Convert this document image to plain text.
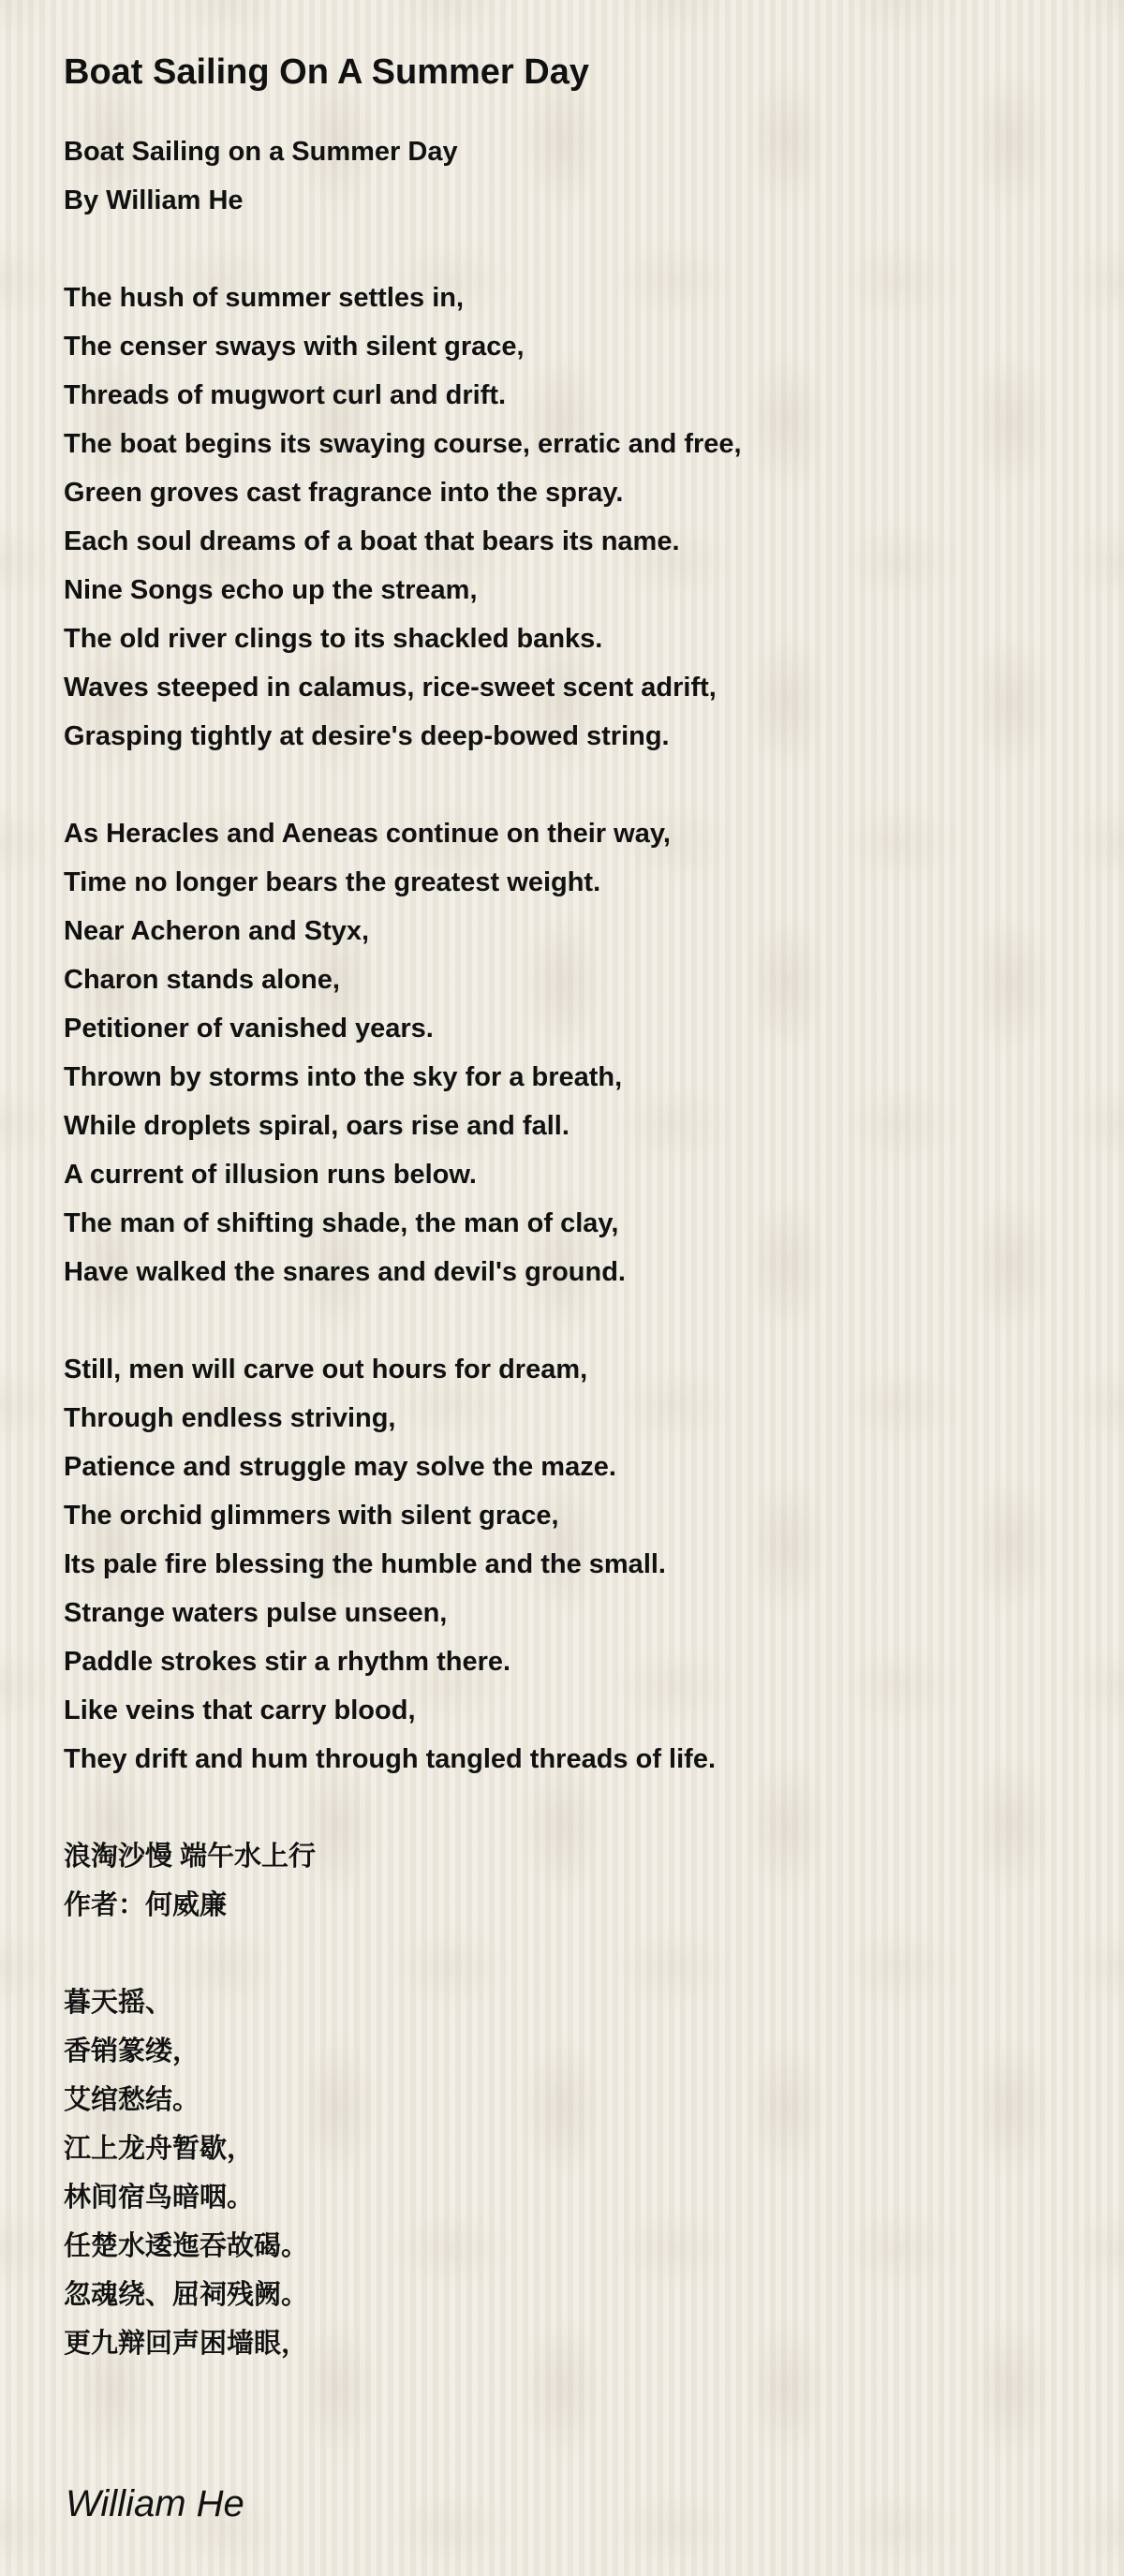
Boat Sailing On A Summer Day
Boat Sailing on a Summer Day
By William He
The hush of summer settles in,
The censer sways with silent grace,
Threads of mugwort curl and drift.
The boat begins its swaying course, erratic and free,
Green groves cast fragrance into the spray.
Each soul dreams of a boat that bears its name.
Nine Songs echo up the stream,
The old river clings to its shackled banks.
Waves steeped in calamus, rice-sweet scent adrift,
Grasping tightly at desire's deep-bowed string.
As Heracles and Aeneas continue on their way,
Time no longer bears the greatest weight.
Near Acheron and Styx,
Charon stands alone,
Petitioner of vanished years.
Thrown by storms into the sky for a breath,
While droplets spiral, oars rise and fall.
A current of illusion runs below.
The man of shifting shade, the man of clay,
Have walked the snares and devil's ground.
Still, men will carve out hours for dream,
Through endless striving,
Patience and struggle may solve the maze.
The orchid glimmers with silent grace,
Its pale fire blessing the humble and the small.
Strange waters pulse unseen,
Paddle strokes stir a rhythm there.
Like veins that carry blood,
They drift and hum through tangled threads of life.
浪淘沙慢 端午水上行
作者：何威廉
暮天摇、
香销篆缕，
艾绾愁结。
江上龙舟暂歇，
林间宿鸟暗咽。
任楚水逶迤吞故碣。
忽魂绕、屈祠残阙。
更九辩回声困墙眼，
William He
